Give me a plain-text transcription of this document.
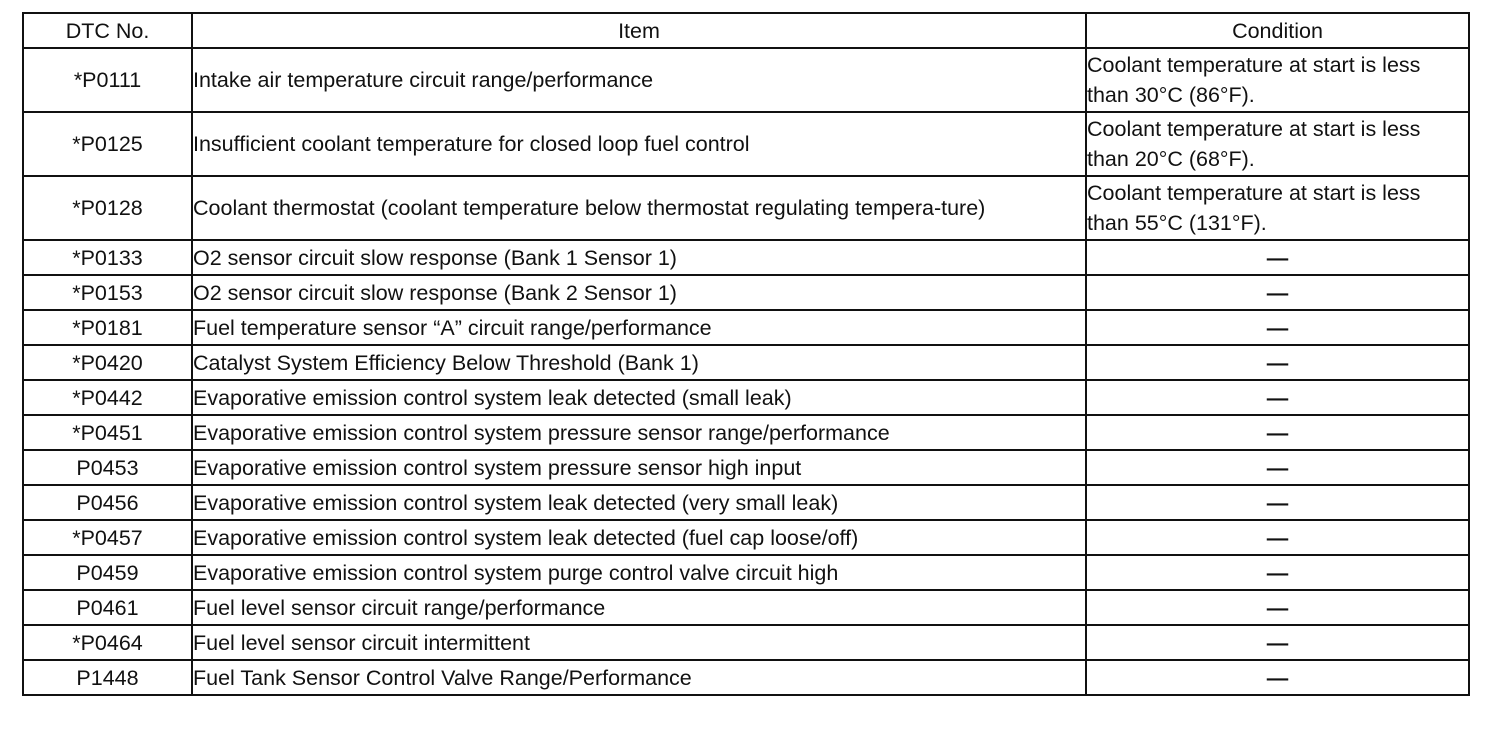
DTC No.	Item	Condition
*P0111	Intake air temperature circuit range/performance	Coolant temperature at start is less than 30°C (86°F).
*P0125	Insufficient coolant temperature for closed loop fuel control	Coolant temperature at start is less than 20°C (68°F).
*P0128	Coolant thermostat (coolant temperature below thermostat regulating tempera-ture)	Coolant temperature at start is less than 55°C (131°F).
*P0133	O2 sensor circuit slow response (Bank 1 Sensor 1)	—
*P0153	O2 sensor circuit slow response (Bank 2 Sensor 1)	—
*P0181	Fuel temperature sensor “A” circuit range/performance	—
*P0420	Catalyst System Efficiency Below Threshold (Bank 1)	—
*P0442	Evaporative emission control system leak detected (small leak)	—
*P0451	Evaporative emission control system pressure sensor range/performance	—
P0453	Evaporative emission control system pressure sensor high input	—
P0456	Evaporative emission control system leak detected (very small leak)	—
*P0457	Evaporative emission control system leak detected (fuel cap loose/off)	—
P0459	Evaporative emission control system purge control valve circuit high	—
P0461	Fuel level sensor circuit range/performance	—
*P0464	Fuel level sensor circuit intermittent	—
P1448	Fuel Tank Sensor Control Valve Range/Performance	—
